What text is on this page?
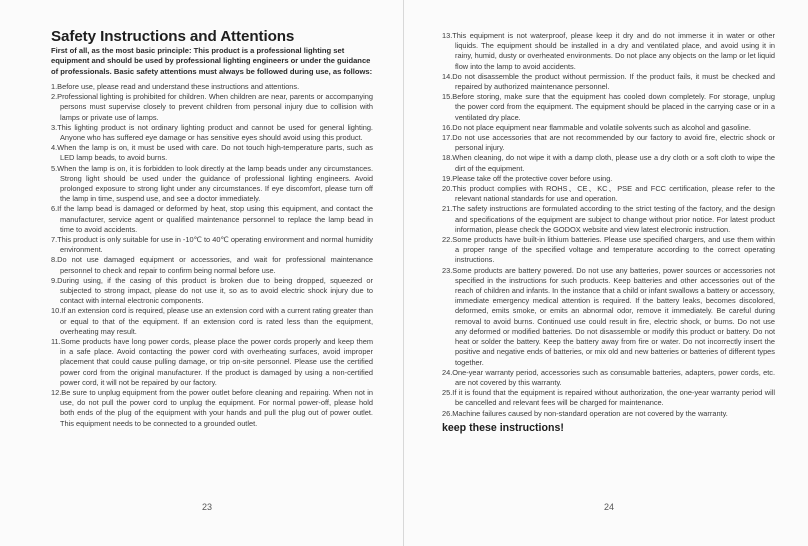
Safety Instructions and Attentions
First of all, as the most basic principle: This product is a professional lighting set equipment and should be used by professional lighting engineers or under the guidance of professionals. Basic safety attentions must always be followed during use, as follows:
1.Before use, please read and understand these instructions and attentions.
2.Professional lighting is prohibited for children. When children are near, parents or accompanying persons must supervise closely to prevent children from personal injury due to collision with lamps or private use of lamps.
3.This lighting product is not ordinary lighting product and cannot be used for general lighting. Anyone who has suffered eye damage or has sensitive eyes should avoid using this product.
4.When the lamp is on, it must be used with care. Do not touch high-temperature parts, such as LED lamp beads, to avoid burns.
5.When the lamp is on, it is forbidden to look directly at the lamp beads under any circumstances. Strong light should be used under the guidance of professional lighting engineers. Avoid prolonged exposure to strong light under any circumstances. If eye discomfort, please turn off the lamp in time, suspend use, and see a doctor immediately.
6.If the lamp bead is damaged or deformed by heat, stop using this equipment, and contact the manufacturer, service agent or qualified maintenance personnel to replace the lamp bead in time to avoid accidents.
7.This product is only suitable for use in -10℃ to 40℃ operating environment and normal humidity environment.
8.Do not use damaged equipment or accessories, and wait for professional maintenance personnel to check and repair to confirm being normal before use.
9.During using, if the casing of this product is broken due to being dropped, squeezed or subjected to strong impact, please do not use it, so as to avoid electric shock injury due to contact with internal electronic components.
10.If an extension cord is required, please use an extension cord with a current rating greater than or equal to that of the equipment. If an extension cord is rated less than the equipment, overheating may result.
11.Some products have long power cords, please place the power cords properly and keep them in a safe place. Avoid contacting the power cord with overheating surfaces, avoid improper placement that could cause pulling damage, or trip on-site personnel. Please use the certified power cord from the original manufacturer. If the product is damaged by using a non-certified power cord, it will not be repaired by our factory.
12.Be sure to unplug equipment from the power outlet before cleaning and repairing. When not in use, do not pull the power cord to unplug the equipment. For normal power-off, please hold both ends of the plug of the equipment with your hands and pull the plug out of power outlet. This equipment needs to be connected to a grounded outlet.
23
13.This equipment is not waterproof, please keep it dry and do not immerse it in water or other liquids. The equipment should be installed in a dry and ventilated place, and avoid using it in rainy, humid, dusty or overheated environments. Do not place any objects on the lamp or let liquid flow into the lamp to avoid accidents.
14.Do not disassemble the product without permission. If the product fails, it must be checked and repaired by authorized maintenance personnel.
15.Before storing, make sure that the equipment has cooled down completely. For storage, unplug the power cord from the equipment. The equipment should be placed in the carrying case or in a ventilated dry place.
16.Do not place equipment near flammable and volatile solvents such as alcohol and gasoline.
17.Do not use accessories that are not recommended by our factory to avoid fire, electric shock or personal injury.
18.When cleaning, do not wipe it with a damp cloth, please use a dry cloth or a soft cloth to wipe the dirt of the equipment.
19.Please take off the protective cover before using.
20.This product complies with ROHS、CE、KC、PSE and FCC certification, please refer to the relevant national standards for use and operation.
21.The safety instructions are formulated according to the strict testing of the factory, and the design and specifications of the equipment are subject to change without prior notice. For latest product information, please check the GODOX website and view latest electronic instruction.
22.Some products have built-in lithium batteries. Please use specified chargers, and use them within a proper range of the specified voltage and temperature according to the correct operating instructions.
23.Some products are battery powered. Do not use any batteries, power sources or accessories not specified in the instructions for such products. Keep batteries and other accessories out of the reach of children and infants. In the instance that a child or infant swallows a battery or accessory, immediate emergency medical attention is required. If the battery leaks, becomes discolored, deformed, emits smoke, or emits an abnormal odor, remove it immediately. Be careful during removal to avoid burns. Continued use could result in fire, electric shock, or burns. Do not use any deformed or modified batteries. Do not disassemble or modify this product or battery. Do not heat or solder the battery. Keep the battery away from fire or water. Do not incorrectly insert the positive and negative ends of batteries, or mix old and new batteries or batteries of different types together.
24.One-year warranty period, accessories such as consumable batteries, adapters, power cords, etc. are not covered by this warranty.
25.If it is found that the equipment is repaired without authorization, the one-year warranty period will be cancelled and relevant fees will be charged for maintenance.
26.Machine failures caused by non-standard operation are not covered by the warranty.
keep these instructions!
24
